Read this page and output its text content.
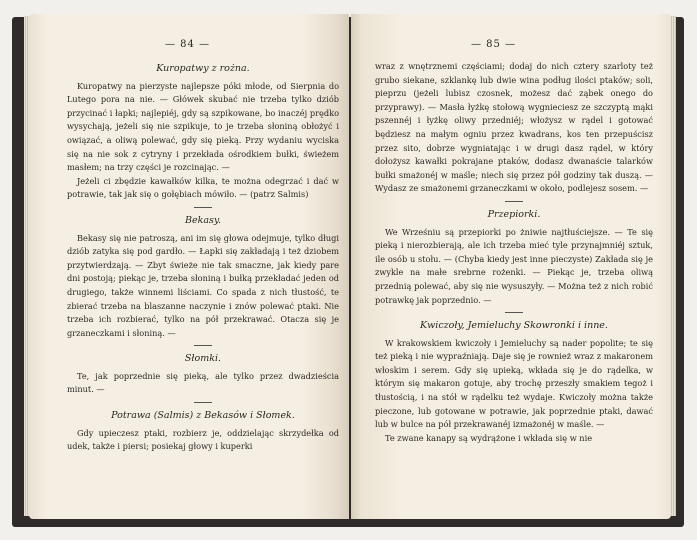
— 84 —
Kuropatwy z rożna.

Kuropatwy na pierzyste najlepsze póki młode, od Sierpnia do Lutego pora na nie. — Główek skubać nie trzeba tylko dziób przycinać i łapki; najlepiéj, gdy są szpikowane, bo inaczéj prędko wysychają, jeżeli się nie szpikuje, to je trzeba słoniną obłożyć i owiązać, a oliwą polewać, gdy się pieką. Przy wydaniu wyciska się na nie sok z cytryny i przekłada ośrodkiem bułki, świeżem masłem; na trzy części je rozcinając. —

Jeżeli ci zbędzie kawałków kilka, te można odegrzać i dać w potrawie, tak jak się o gołębiach mówiło. — (patrz Salmis)

Bekasy.

Bekasy się nie patroszą, ani im się głowa odejmuje, tylko długi dziób zatyka się pod gardło. — Łapki się zakładają i też dziobem przytwierdzają. — Zbyt świeże nie tak smaczne, jak kiedy pare dni postoją; piekąc je, trzeba słoniną i bułką przekładać jeden od drugiego, także winnemi liściami. Co spada z nich tłustość, te zbierać trzeba na blaszanne naczynie i znów polewać ptaki. Nie trzeba ich rozbierać, tylko na pół przekrawać. Otacza się je grzaneczkami i słoniną. —

Słomki.

Te, jak poprzednie się pieką, ale tylko przez dwadzieścia minut. —

Potrawa (Salmis) z Bekasów i Słomek.

Gdy upieczesz ptaki, rozbierz je, oddzielając skrzydełka od udek, także i piersi; posiekaj głowy i kuperki

— 85 —

wraz z wnętrznemi częściami; dodaj do nich cztery szarloty też grubo siekane, szklankę lub dwie wina podług ilości ptaków; soli, pieprzu (jeżeli lubisz czosnek, możesz dać ząbek onego do przyprawy). — Masła łyżkę stołową wygnieciesz ze szczyptą mąki pszennéj i łyżkę oliwy przedniéj; włożysz w rądel i gotować będziesz na małym ogniu przez kwadrans, kos ten przepuścisz przez sito, dobrze wygniatając i w drugi dasz rądel, w który dołożysz kawałki pokrajane ptaków, dodasz dwanaście talarków bułki smażonéj w maśle; niech się przez pół godziny tak duszą. — Wydasz ze smażonemi grzaneczkami w około, podlejesz sosem. —

Przepiorki.

We Wrześniu są przepiorki po żniwie najtłuściejsze. — Te się pieką i nierozbierają, ale ich trzeba mieć tyle przynajmniéj sztuk, ile osób u stołu. — (Chyba kiedy jest inne pieczyste) Zakłada się je zwykle na małe srebrne rożenki. — Piekąc je, trzeba oliwą przednią polewać, aby się nie wysuszyły. — Można też z nich robić potrawkę jak poprzednio. —

Kwiczoły, Jemieluchy Skowronki i inne.

W krakowskiem kwiczoły i Jemieluchy są nader popolite; te się też pieką i nie wypraźniają. Daje się je rownież wraz z makaronem włoskim i serem. Gdy się upieką, wkłada się je do rądelka, w którym się makaron gotuje, aby trochę przeszły smakiem tegoż i tłustością, i na stół w rądelku też wydaje. Kwiczoły można także pieczone, lub gotowane w potrawie, jak poprzednie ptaki, dawać lub w bulce na pół przekrawanéj izmażonéj w maśle. —

Te zwane kanapy są wydrążone i wkłada się w nie
